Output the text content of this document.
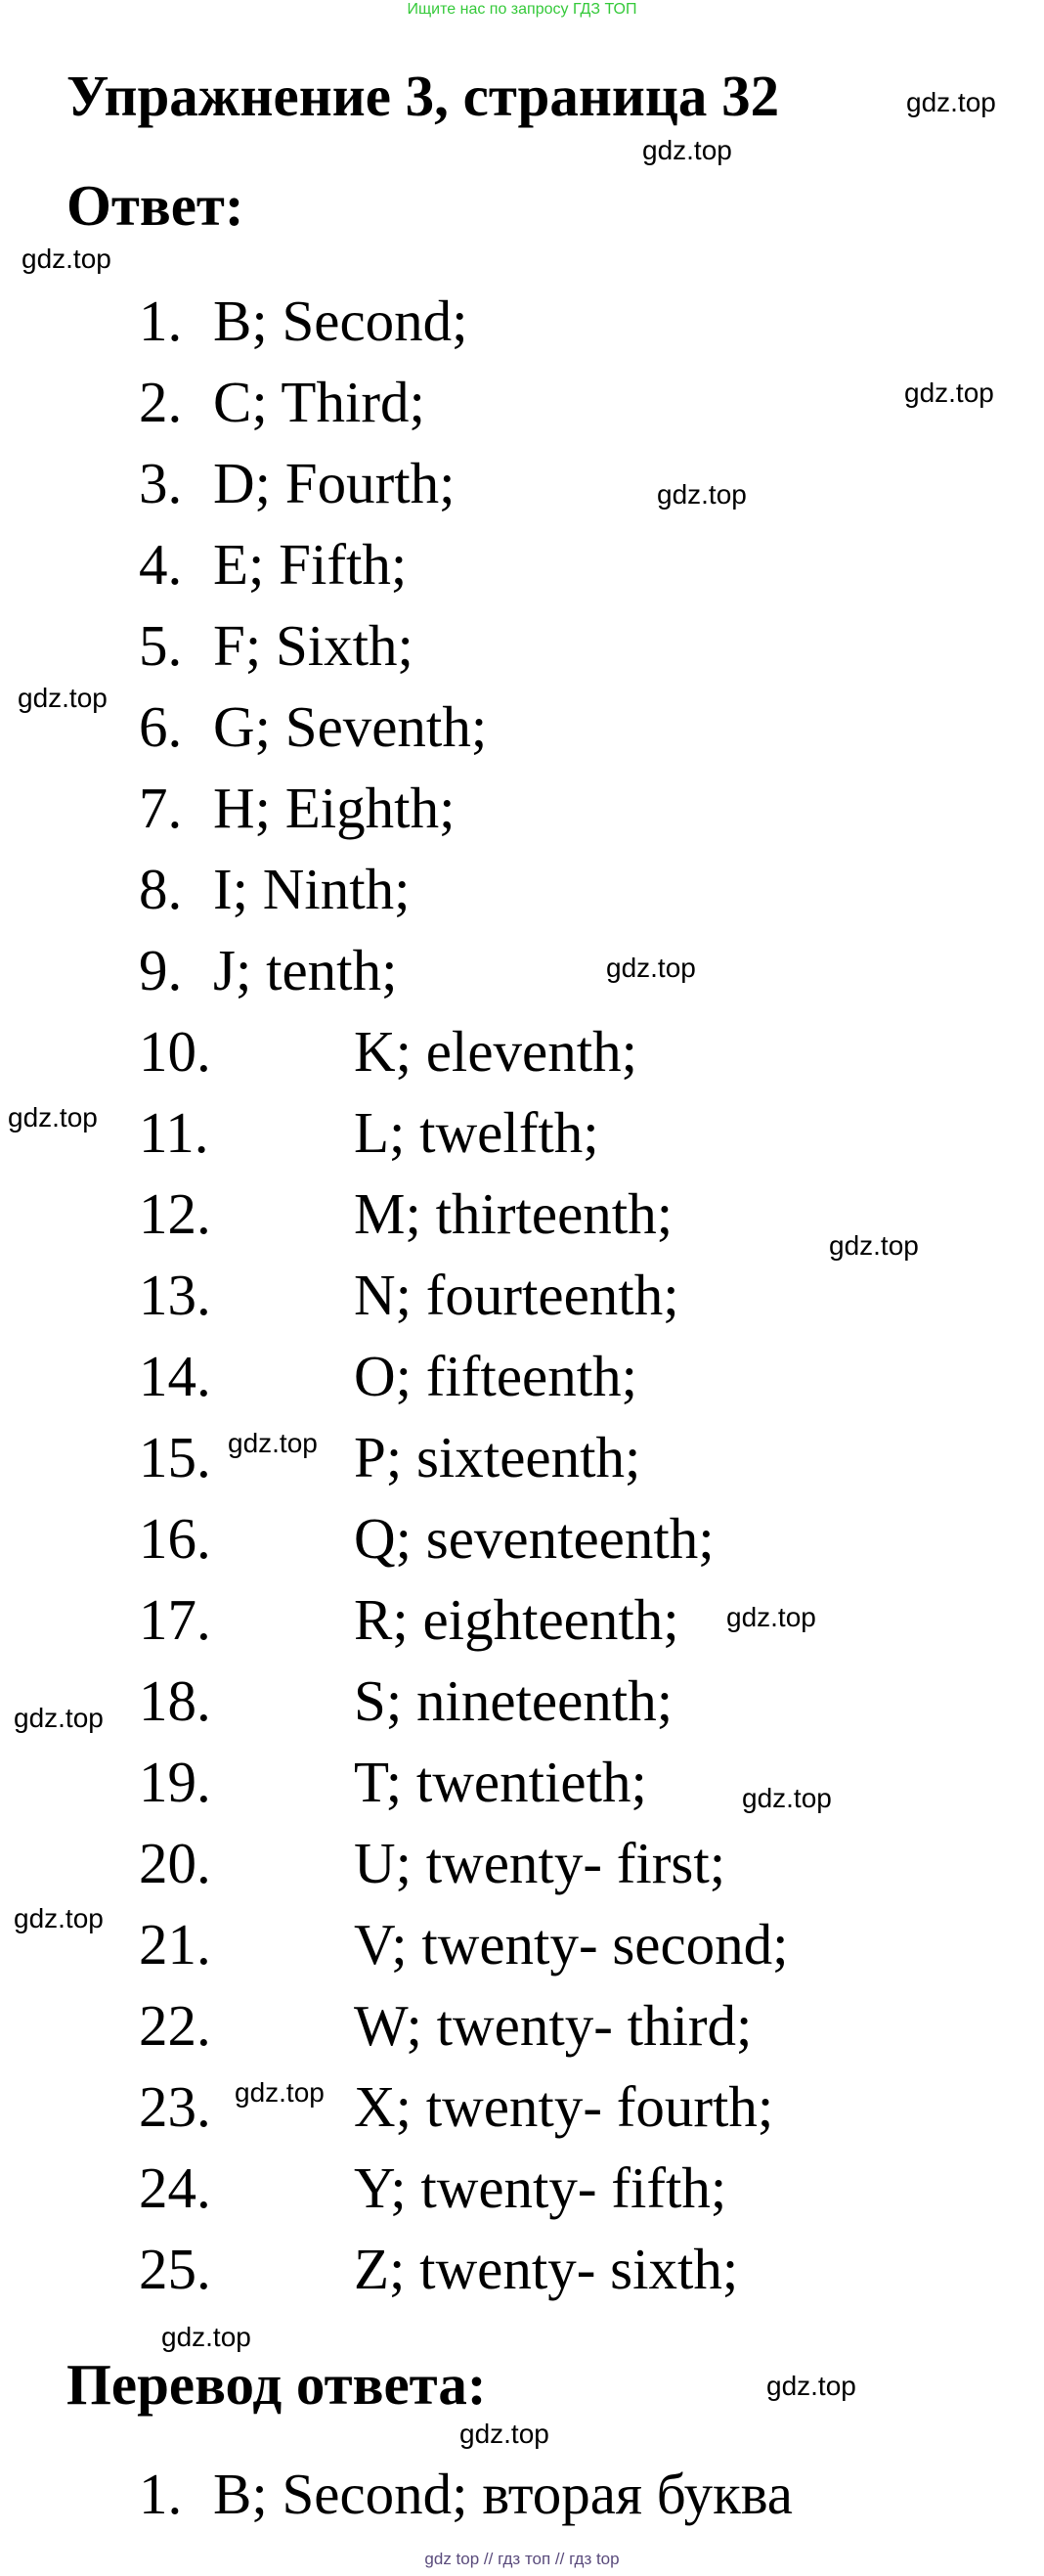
Ищите нас по запросу ГДЗ ТОП
Упражнение 3, страница 32
Ответ:
1. B; Second;
2. C; Third;
3. D; Fourth;
4. E; Fifth;
5. F; Sixth;
6. G; Seventh;
7. H; Eighth;
8. I; Ninth;
9. J; tenth;
10. K; eleventh;
11.	L; twelfth;
12. M; thirteenth;
13. N; fourteenth;
14. O; fifteenth;
15. P; sixteenth;
16. Q; seventeenth;
17. R; eighteenth;
18. S; nineteenth;
19. T; twentieth;
20. U; twenty- first;
21. V; twenty- second;
22. W; twenty- third;
23. X; twenty- fourth;
24. Y; twenty- fifth;
25. Z; twenty- sixth;
Перевод ответа:
1. B; Second; вторая буква
gdz.top
gdz.top
gdz.top
gdz.top
gdz.top
gdz.top
gdz.top
gdz.top
gdz.top
gdz.top
gdz.top
gdz.top
gdz.top
gdz.top
gdz.top
gdz.top
gdz.top
gdz.top
gdz top // гдз топ // гдз top
